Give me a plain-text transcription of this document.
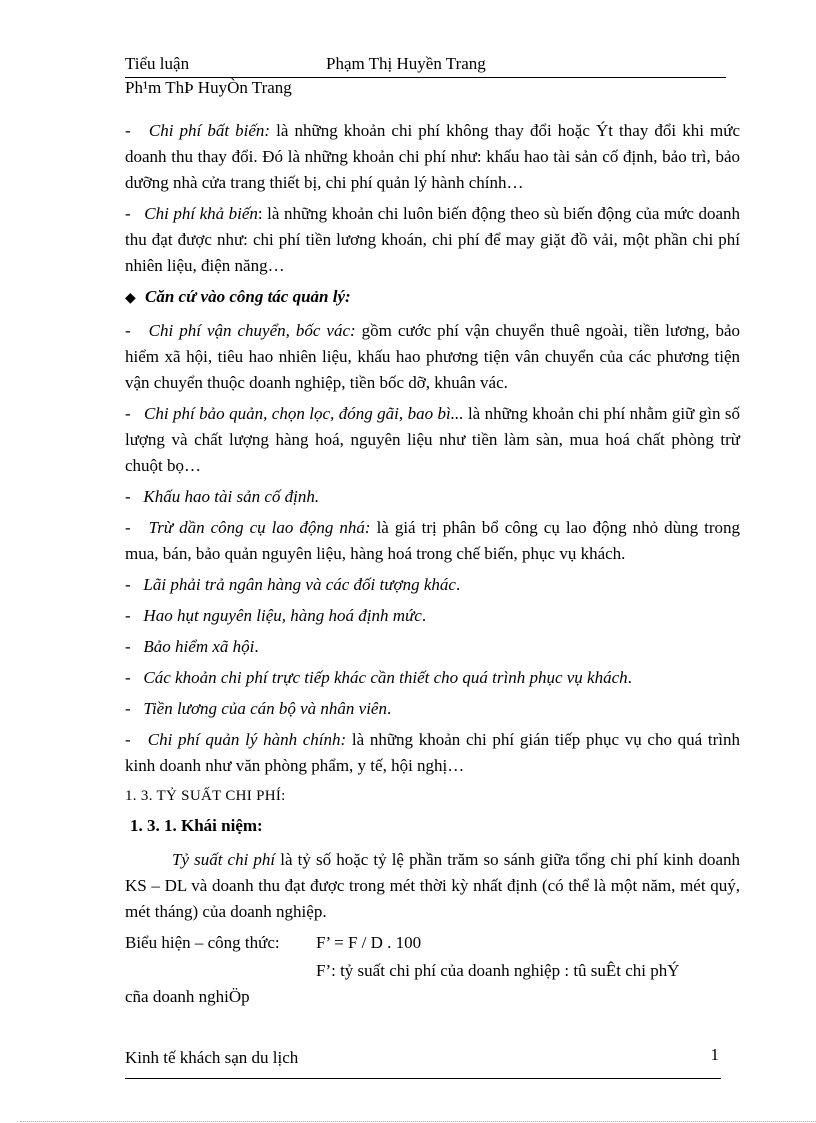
Tiểu luận	Phạm Thị Huyền Trang
Ph¹m ThÞ HuyÒn Trang

- Chi phí bất biến: là những khoản chi phí không thay đổi hoặc Ýt thay đổi khi mức doanh thu thay đổi. Đó là những khoản chi phí như: khấu hao tài sản cố định, bảo trì, bảo dưỡng nhà cửa trang thiết bị, chi phí quản lý hành chính…

- Chi phí khả biến: là những khoản chi luôn biến động theo sù biến động của mức doanh thu đạt được như: chi phí tiền lương khoán, chi phí để may giặt đồ vải, một phần chi phí nhiên liệu, điện năng…

◆ Căn cứ vào công tác quản lý:

- Chi phí vận chuyển, bốc vác: gồm cước phí vận chuyển thuê ngoài, tiền lương, bảo hiểm xã hội, tiêu hao nhiên liệu, khấu hao phương tiện vân chuyển của các phương tiện vận chuyển thuộc doanh nghiệp, tiền bốc dỡ, khuân vác.

- Chi phí bảo quản, chọn lọc, đóng gãi, bao bì... là những khoản chi phí nhằm giữ gìn số lượng và chất lượng hàng hoá, nguyên liệu như tiền làm sàn, mua hoá chất phòng trừ chuột bọ…

- Khấu hao tài sản cố định.

- Trừ dần công cụ lao động nhá: là giá trị phân bổ công cụ lao động nhỏ dùng trong mua, bán, bảo quản nguyên liệu, hàng hoá trong chế biến, phục vụ khách.

- Lãi phải trả ngân hàng và các đối tượng khác.

- Hao hụt nguyên liệu, hàng hoá định mức.

- Bảo hiểm xã hội.

- Các khoản chi phí trực tiếp khác cần thiết cho quá trình phục vụ khách.

- Tiền lương của cán bộ và nhân viên.

- Chi phí quản lý hành chính: là những khoản chi phí gián tiếp phục vụ cho quá trình kinh doanh như văn phòng phẩm, y tế, hội nghị…

1. 3. TỶ SUẤT CHI PHÍ:

1. 3. 1. Khái niệm:

Tỷ suất chi phí là tỷ số hoặc tỷ lệ phần trăm so sánh giữa tổng chi phí kinh doanh KS – DL và doanh thu đạt được trong mét thời kỳ nhất định (có thể là một năm, mét quý, mét tháng) của doanh nghiệp.

Biểu hiện – công thức: F’ = F / D . 100

F’: tỷ suất chi phí của doanh nghiệp : tû suÊt chi phÝ

cña doanh nghiÖp

Kinh tế khách sạn du lịch	1
